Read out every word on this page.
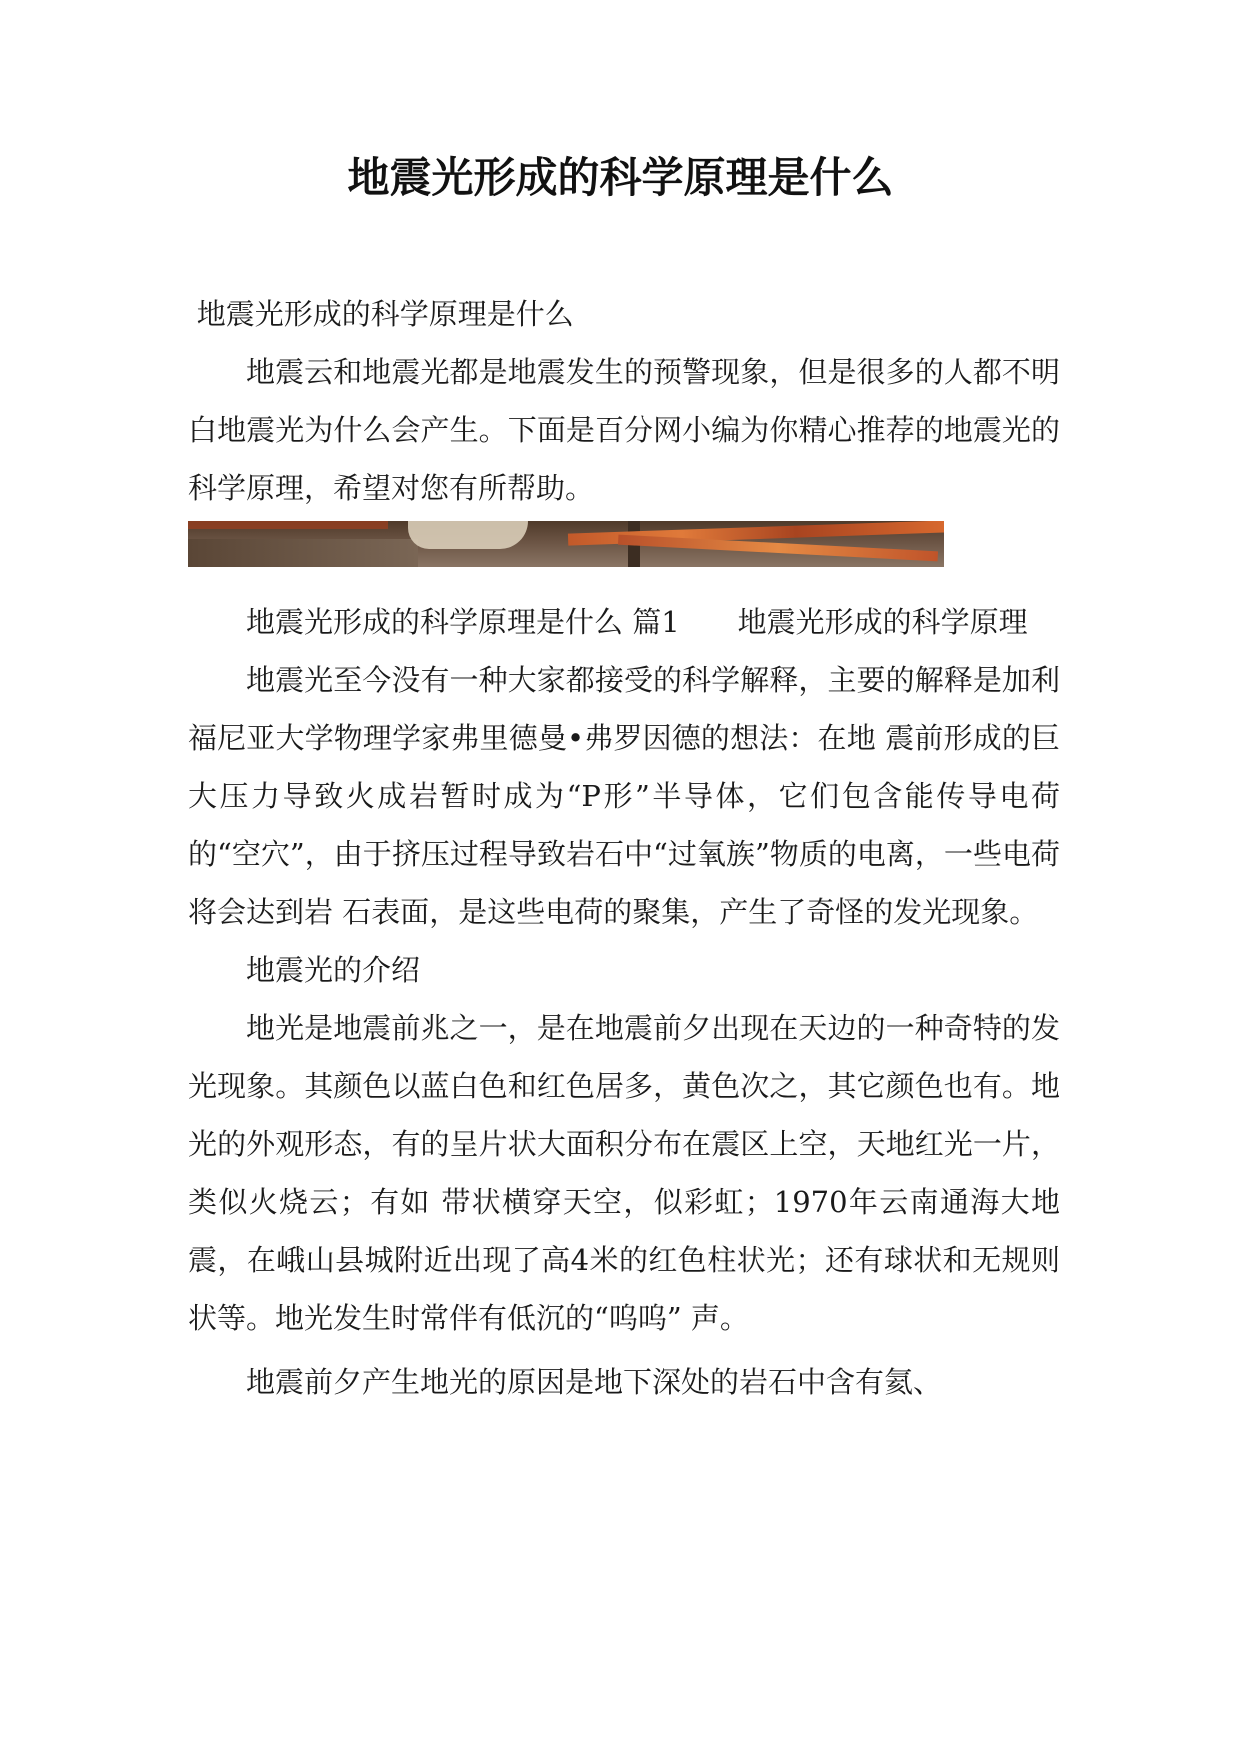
地震光形成的科学原理是什么

地震光形成的科学原理是什么

地震云和地震光都是地震发生的预警现象，但是很多的人都不明白地震光为什么会产生。下面是百分网小编为你精心推荐的地震光的科学原理，希望对您有所帮助。

地震光形成的科学原理是什么 篇1　　地震光形成的科学原理

地震光至今没有一种大家都接受的科学解释，主要的解释是加利福尼亚大学物理学家弗里德曼•弗罗因德的想法：在地 震前形成的巨大压力导致火成岩暂时成为“P形”半导体，它们包含能传导电荷的“空穴”，由于挤压过程导致岩石中“过氧族”物质的电离，一些电荷将会达到岩 石表面，是这些电荷的聚集，产生了奇怪的发光现象。

地震光的介绍

地光是地震前兆之一，是在地震前夕出现在天边的一种奇特的发光现象。其颜色以蓝白色和红色居多，黄色次之，其它颜色也有。地光的外观形态，有的呈片状大面积分布在震区上空，天地红光一片，类似火烧云；有如 带状横穿天空，似彩虹；1970年云南通海大地震，在峨山县城附近出现了高4米的红色柱状光；还有球状和无规则状等。地光发生时常伴有低沉的“呜呜” 声。

地震前夕产生地光的原因是地下深处的岩石中含有氦、
